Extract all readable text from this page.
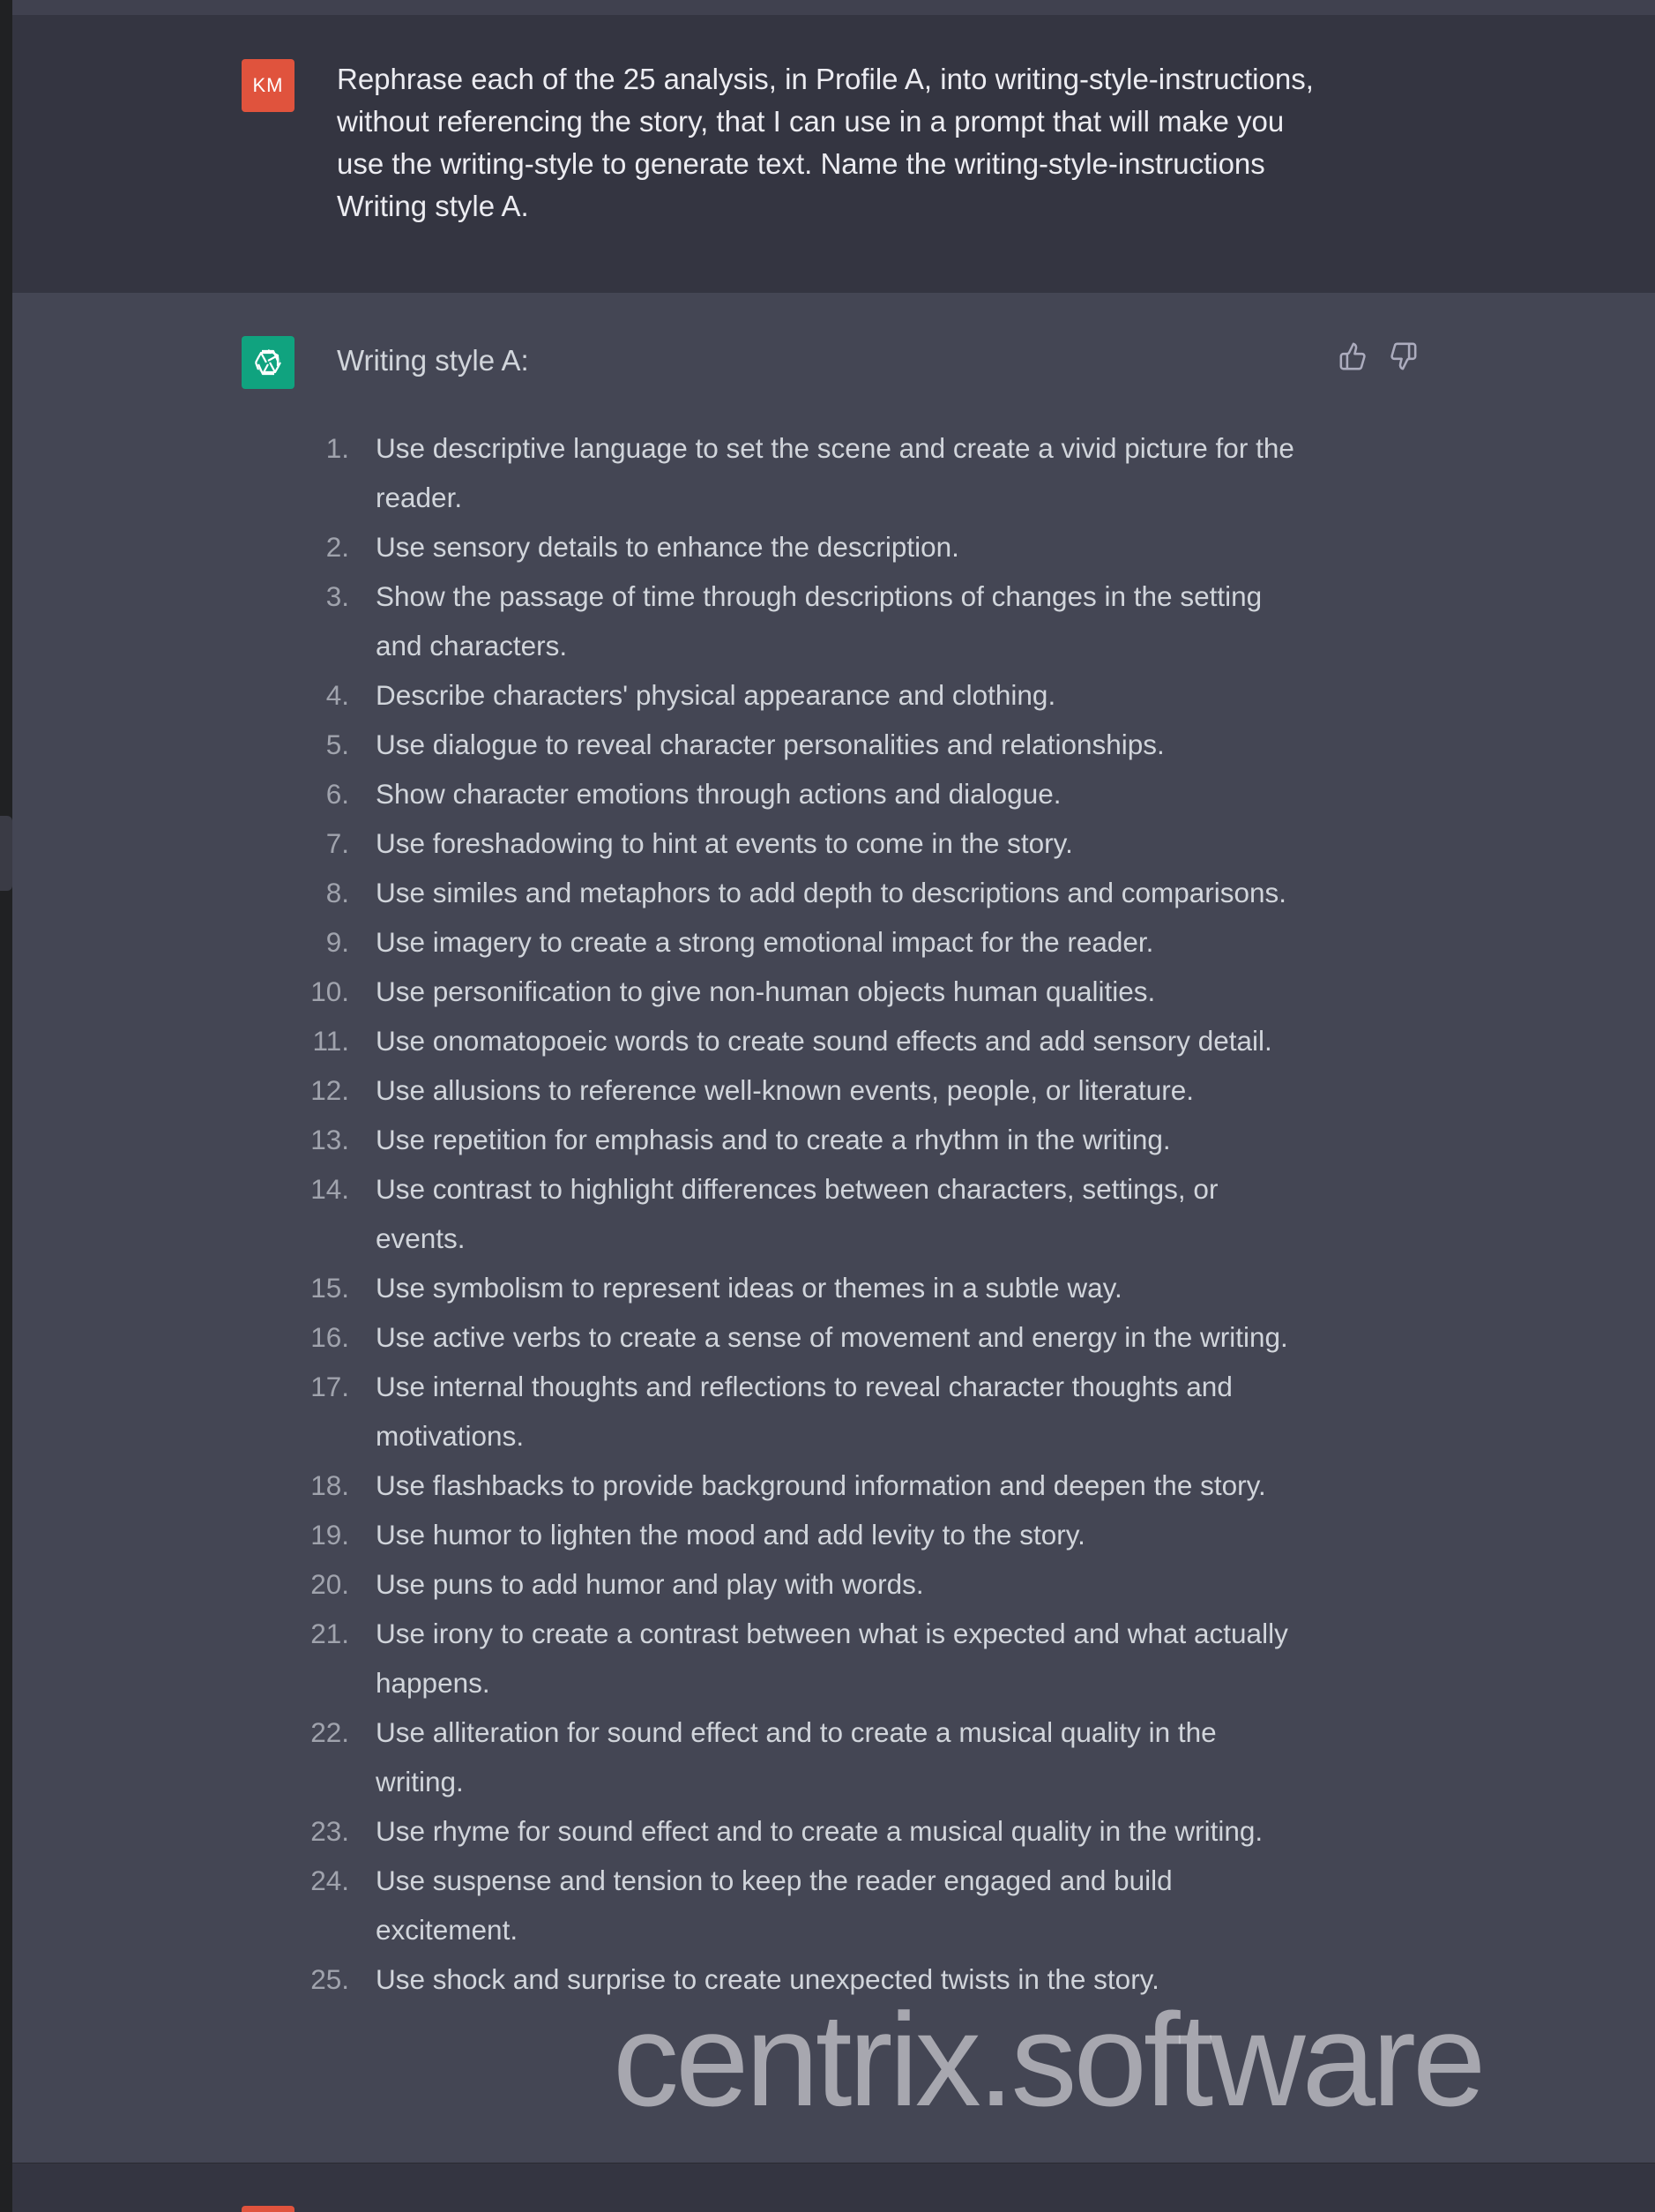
KM	Rephrase each of the 25 analysis, in Profile A, into writing-style-instructions, without referencing the story, that I can use in a prompt that will make you use the writing-style to generate text. Name the writing-style-instructions Writing style A.
Writing style A:
1. Use descriptive language to set the scene and create a vivid picture for the reader.
2. Use sensory details to enhance the description.
3. Show the passage of time through descriptions of changes in the setting and characters.
4. Describe characters' physical appearance and clothing.
5. Use dialogue to reveal character personalities and relationships.
6. Show character emotions through actions and dialogue.
7. Use foreshadowing to hint at events to come in the story.
8. Use similes and metaphors to add depth to descriptions and comparisons.
9. Use imagery to create a strong emotional impact for the reader.
10. Use personification to give non-human objects human qualities.
11. Use onomatopoeic words to create sound effects and add sensory detail.
12. Use allusions to reference well-known events, people, or literature.
13. Use repetition for emphasis and to create a rhythm in the writing.
14. Use contrast to highlight differences between characters, settings, or events.
15. Use symbolism to represent ideas or themes in a subtle way.
16. Use active verbs to create a sense of movement and energy in the writing.
17. Use internal thoughts and reflections to reveal character thoughts and motivations.
18. Use flashbacks to provide background information and deepen the story.
19. Use humor to lighten the mood and add levity to the story.
20. Use puns to add humor and play with words.
21. Use irony to create a contrast between what is expected and what actually happens.
22. Use alliteration for sound effect and to create a musical quality in the writing.
23. Use rhyme for sound effect and to create a musical quality in the writing.
24. Use suspense and tension to keep the reader engaged and build excitement.
25. Use shock and surprise to create unexpected twists in the story.
centrix.software
